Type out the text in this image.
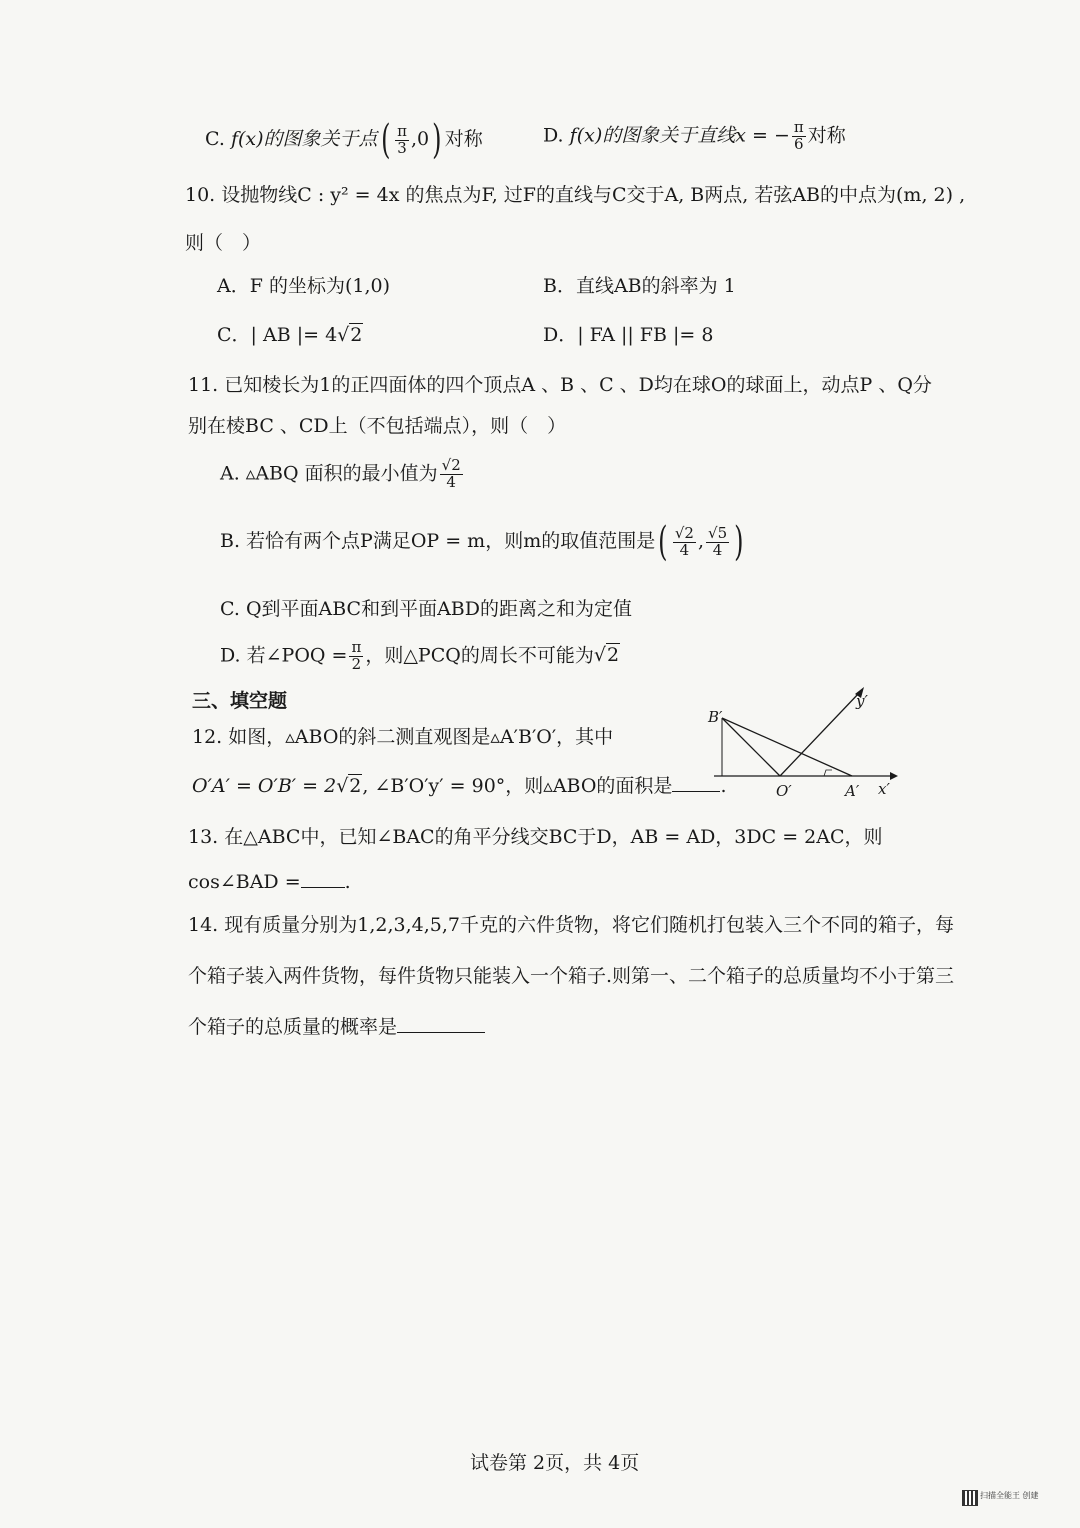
C. f(x)的图象关于点( $\frac{\pi}{3} ,0$) 对称	D. f(x)的图象关于直线x = − $\frac{\pi}{6}$ 对称
10. 设抛物线C : y² = 4x 的焦点为F, 过F的直线与C交于A, B两点, 若弦AB的中点为(m, 2) ,
则（　）
A．F 的坐标为(1,0)	B．直线AB的斜率为 1
C．| AB |= 4√2	D．| FA || FB |= 8
11. 已知棱长为1的正四面体的四个顶点A 、B 、C 、D均在球O的球面上，动点P 、Q分
别在棱BC 、CD上（不包括端点），则（　）
A. ▵ABQ 面积的最小值为 $\frac{√2}{4}$
B. 若恰有两个点P满足OP = m，则m的取值范围是( $\frac{√2}{4}$ , $\frac{√5}{4}$ )
C. Q到平面ABC和到平面ABD的距离之和为定值
D. 若∠POQ = $\frac{\pi}{2}$ ，则△PCQ的周长不可能为√2
三、填空题
12. 如图，▵ABO的斜二测直观图是▵A′B′O′，其中
O′A′ = O′B′ = 2√2, ∠B′O′y′ = 90°，则▵ABO的面积是	.
B′
y′
O′	A′ x′
13. 在△ABC中，已知∠BAC的角平分线交BC于D，AB = AD，3DC = 2AC，则
cos∠BAD = .
14. 现有质量分别为1,2,3,4,5,7千克的六件货物，将它们随机打包装入三个不同的箱子，每
个箱子装入两件货物，每件货物只能装入一个箱子.则第一、二个箱子的总质量均不小于第三
个箱子的总质量的概率是
试卷第 2页，共 4页
扫描全能王 创建
